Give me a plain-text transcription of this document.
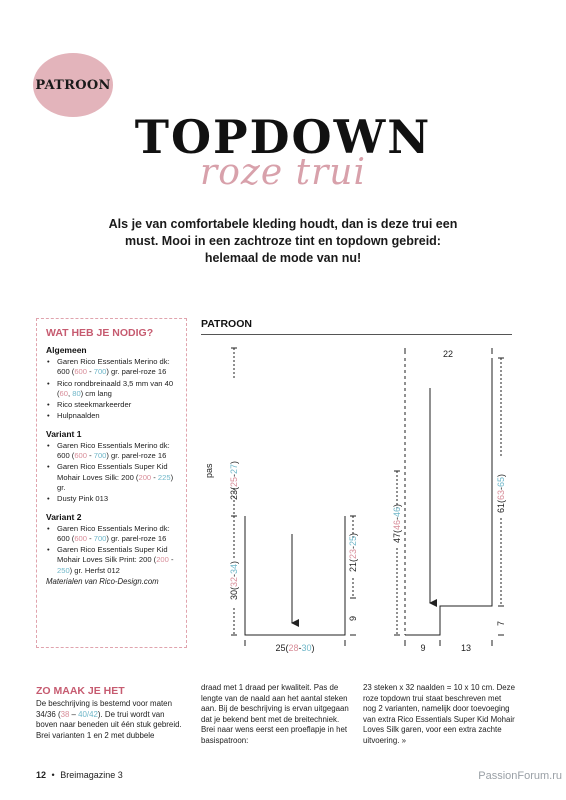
PATROON
TOPDOWN
roze trui
Als je van comfortabele kleding houdt, dan is deze trui een must. Mooi in een zachtroze tint en topdown gebreid: helemaal de mode van nu!
WAT HEB JE NODIG?
Algemeen
• Garen Rico Essentials Merino dk: 600 (600 - 700) gr. parel-roze 16
• Rico rondbreinaald 3,5 mm van 40 (60, 80) cm lang
• Rico steekmarkeerder
• Hulpnaalden
Variant 1
• Garen Rico Essentials Merino dk: 600 (600 - 700) gr. parel-roze 16
• Garen Rico Essentials Super Kid Mohair Loves Silk: 200 (200 - 225) gr.
• Dusty Pink 013
Variant 2
• Garen Rico Essentials Merino dk: 600 (600 - 700) gr. parel-roze 16
• Garen Rico Essentials Super Kid Mohair Loves Silk Print: 200 (200 - 250) gr. Herfst 012
Materialen van Rico-Design.com
PATROON
pas
23(25-27)
30(32-34)	21(23-25)
9
25(28-30)
22
47(46-46)	61(63-65)
7
9	13
ZO MAAK JE HET
De beschrijving is bestemd voor maten 34/36 (38 – 40/42). De trui wordt van boven naar beneden uit één stuk gebreid. Brei varianten 1 en 2 met dubbele
draad met 1 draad per kwaliteit. Pas de lengte van de naald aan het aantal steken aan. Bij de beschrijving is ervan uitgegaan dat je bekend bent met de breitechniek. Brei naar wens eerst een proeflapje in het basispatroon:
23 steken x 32 naalden = 10 x 10 cm. Deze roze topdown trui staat beschreven met nog 2 varianten, namelijk door toevoeging van extra Rico Essentials Super Kid Mohair Loves Silk garen, voor een extra zachte uitvoering. »
12 • Breimagazine 3	PassionForum.ru
